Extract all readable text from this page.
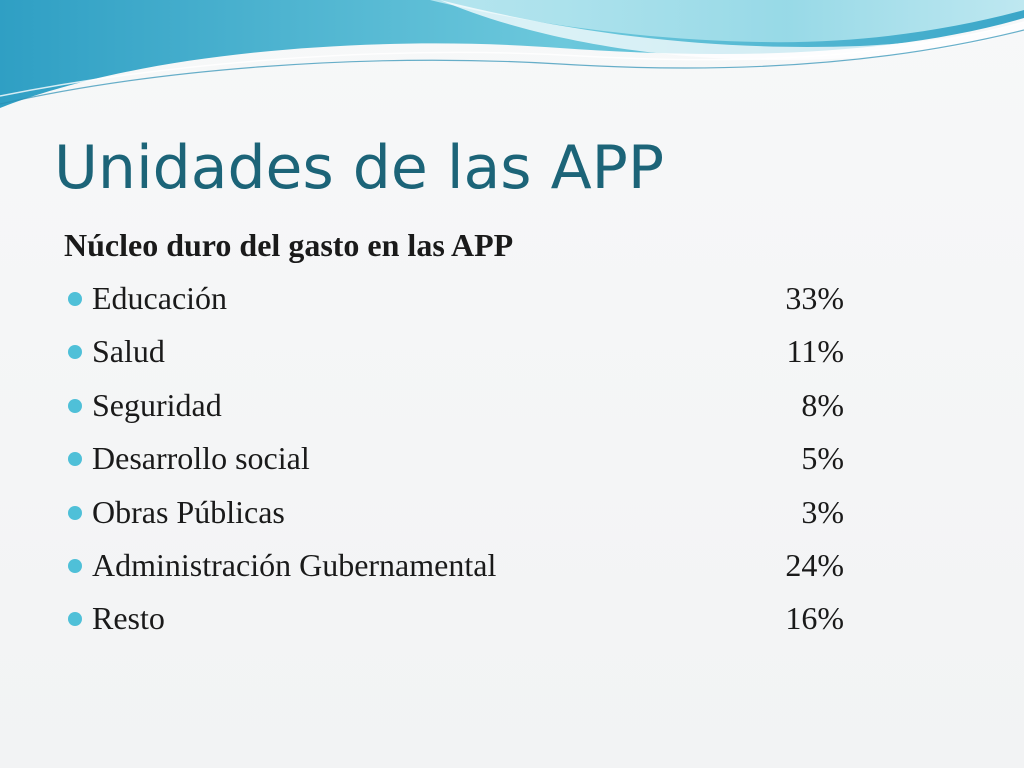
Unidades de las APP

Núcleo duro del gasto en las APP

Educación	33%
Salud	11%
Seguridad	8%
Desarrollo social	5%
Obras Públicas	3%
Administración Gubernamental	24%
Resto	16%
